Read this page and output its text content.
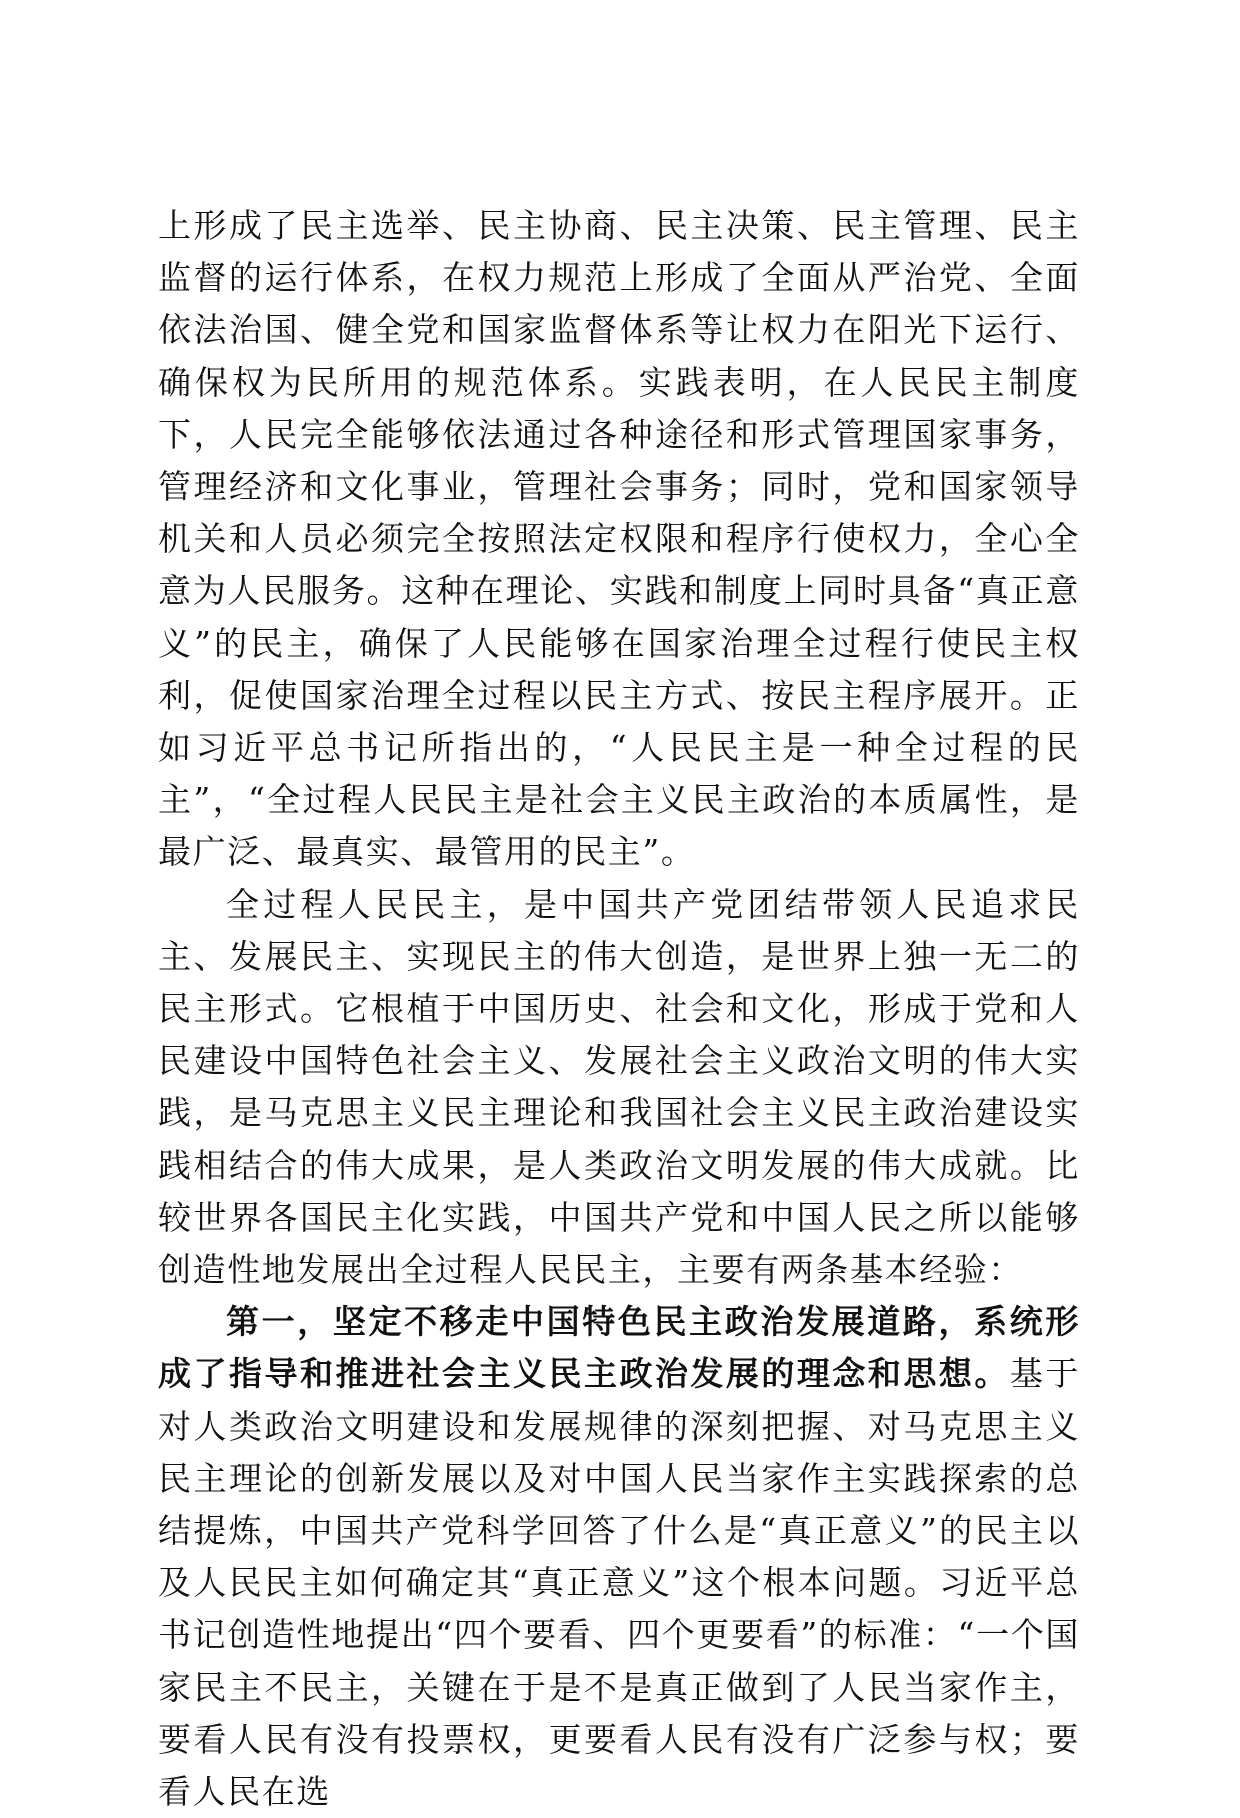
上形成了民主选举、民主协商、民主决策、民主管理、民主监督的运行体系，在权力规范上形成了全面从严治党、全面依法治国、健全党和国家监督体系等让权力在阳光下运行、确保权为民所用的规范体系。实践表明，在人民民主制度下，人民完全能够依法通过各种途径和形式管理国家事务，管理经济和文化事业，管理社会事务；同时，党和国家领导机关和人员必须完全按照法定权限和程序行使权力，全心全意为人民服务。这种在理论、实践和制度上同时具备“真正意义”的民主，确保了人民能够在国家治理全过程行使民主权利，促使国家治理全过程以民主方式、按民主程序展开。正如习近平总书记所指出的，“人民民主是一种全过程的民主”，“全过程人民民主是社会主义民主政治的本质属性，是最广泛、最真实、最管用的民主”。

全过程人民民主，是中国共产党团结带领人民追求民主、发展民主、实现民主的伟大创造，是世界上独一无二的民主形式。它根植于中国历史、社会和文化，形成于党和人民建设中国特色社会主义、发展社会主义政治文明的伟大实践，是马克思主义民主理论和我国社会主义民主政治建设实践相结合的伟大成果，是人类政治文明发展的伟大成就。比较世界各国民主化实践，中国共产党和中国人民之所以能够创造性地发展出全过程人民民主，主要有两条基本经验：

第一，坚定不移走中国特色民主政治发展道路，系统形成了指导和推进社会主义民主政治发展的理念和思想。基于对人类政治文明建设和发展规律的深刻把握、对马克思主义民主理论的创新发展以及对中国人民当家作主实践探索的总结提炼，中国共产党科学回答了什么是“真正意义”的民主以及人民民主如何确定其“真正意义”这个根本问题。习近平总书记创造性地提出“四个要看、四个更要看”的标准：“一个国家民主不民主，关键在于是不是真正做到了人民当家作主，要看人民有没有投票权，更要看人民有没有广泛参与权；要看人民在选
